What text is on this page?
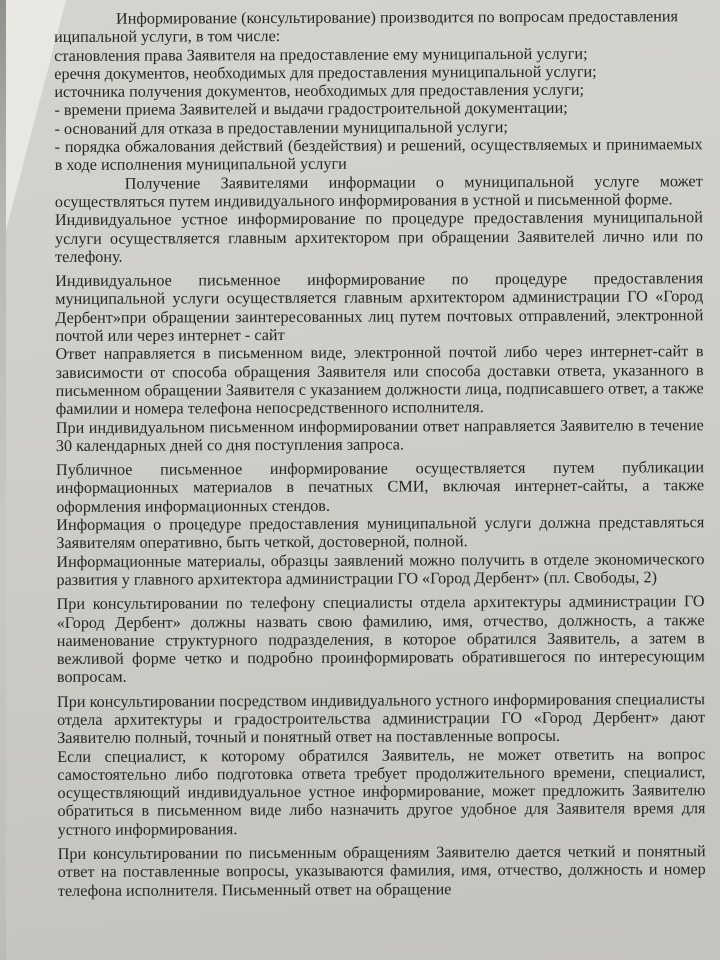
Информирование (консультирование) производится по вопросам предоставления

иципальной услуги, в том числе:

становления права Заявителя на предоставление ему муниципальной услуги;

еречня документов, необходимых для предоставления муниципальной услуги;

источника получения документов, необходимых для предоставления услуги;

- времени приема Заявителей и выдачи градостроительной документации;

- оснований для отказа в предоставлении муниципальной услуги;

- порядка обжалования действий (бездействия) и решений, осуществляемых и принимаемых в ходе исполнения муниципальной услуги

Получение Заявителями информации о муниципальной услуге может осуществляться путем индивидуального информирования в устной и письменной форме.

Индивидуальное устное информирование по процедуре предоставления муниципальной услуги осуществляется главным архитектором при обращении Заявителей лично или по телефону.

Индивидуальное письменное информирование по процедуре предоставления муниципальной услуги осуществляется главным архитектором администрации ГО «Город Дербент»при обращении заинтересованных лиц путем почтовых отправлений, электронной почтой или через интернет - сайт

Ответ направляется в письменном виде, электронной почтой либо через интернет-сайт в зависимости от способа обращения Заявителя или способа доставки ответа, указанного в письменном обращении Заявителя с указанием должности лица, подписавшего ответ, а также фамилии и номера телефона непосредственного исполнителя.

При индивидуальном письменном информировании ответ направляется Заявителю в течение 30 календарных дней со дня поступления запроса.

Публичное письменное информирование осуществляется путем публикации информационных материалов в печатных СМИ, включая интернет-сайты, а также оформления информационных стендов.

Информация о процедуре предоставления муниципальной услуги должна представляться Заявителям оперативно, быть четкой, достоверной, полной.

Информационные материалы, образцы заявлений можно получить в отделе экономического развития у главного архитектора администрации ГО «Город Дербент» (пл. Свободы, 2)

При консультировании по телефону специалисты отдела архитектуры администрации ГО «Город Дербент» должны назвать свою фамилию, имя, отчество, должность, а также наименование структурного подразделения, в которое обратился Заявитель, а затем в вежливой форме четко и подробно проинформировать обратившегося по интересующим вопросам.

При консультировании посредством индивидуального устного информирования специалисты отдела архитектуры и градостроительства администрации ГО «Город Дербент» дают Заявителю полный, точный и понятный ответ на поставленные вопросы.

Если специалист, к которому обратился Заявитель, не может ответить на вопрос самостоятельно либо подготовка ответа требует продолжительного времени, специалист, осуществляющий индивидуальное устное информирование, может предложить Заявителю обратиться в письменном виде либо назначить другое удобное для Заявителя время для устного информирования.

При консультировании по письменным обращениям Заявителю дается четкий и понятный ответ на поставленные вопросы, указываются фамилия, имя, отчество, должность и номер телефона исполнителя. Письменный ответ на обращение
